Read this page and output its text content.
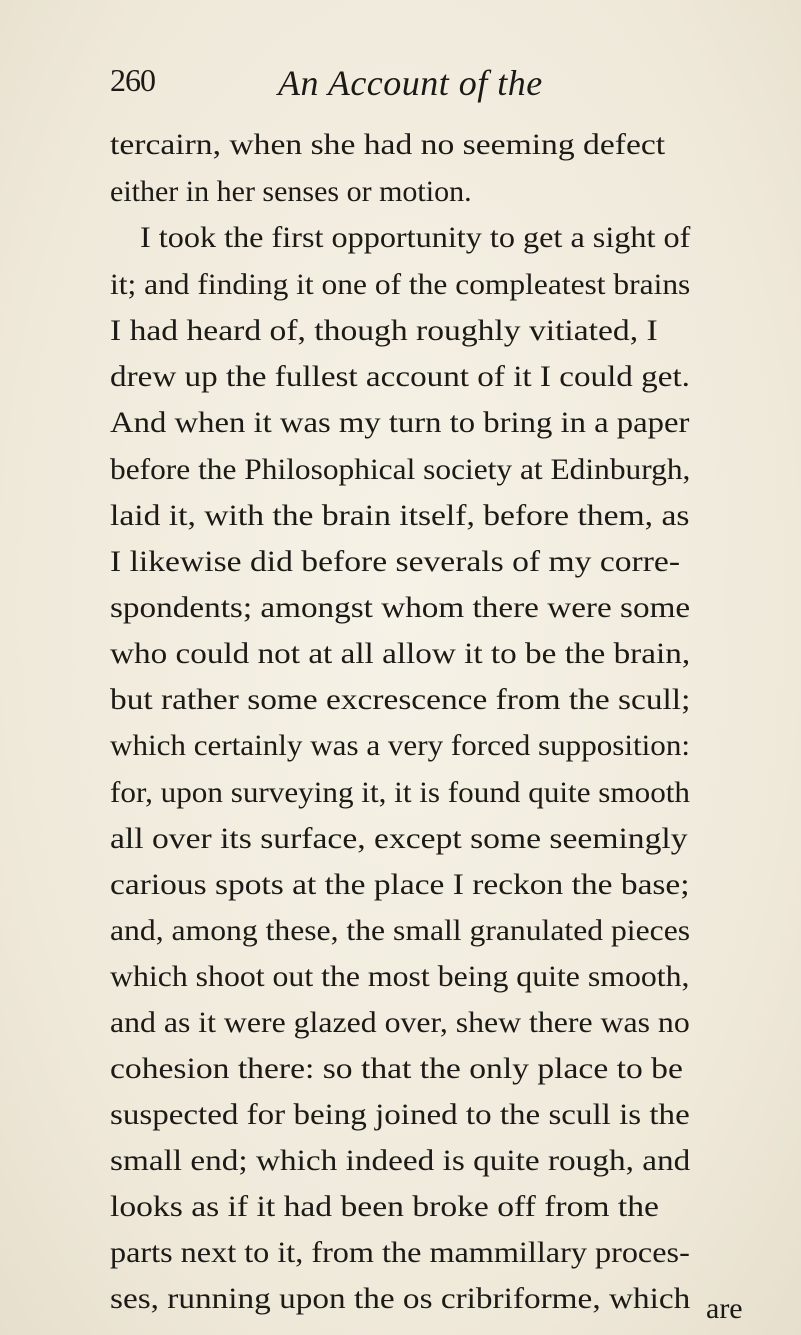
260	An Account of the
tercairn, when she had no seeming defect
either in her senses or motion.
I took the first opportunity to get a sight of
it; and finding it one of the compleatest brains
I had heard of, though roughly vitiated, I
drew up the fullest account of it I could get.
And when it was my turn to bring in a paper
before the Philosophical society at Edinburgh,
laid it, with the brain itself, before them, as
I likewise did before severals of my corre-
spondents; amongst whom there were some
who could not at all allow it to be the brain,
but rather some excrescence from the scull;
which certainly was a very forced supposition:
for, upon surveying it, it is found quite smooth
all over its surface, except some seemingly
carious spots at the place I reckon the base;
and, among these, the small granulated pieces
which shoot out the most being quite smooth,
and as it were glazed over, shew there was no
cohesion there: so that the only place to be
suspected for being joined to the scull is the
small end; which indeed is quite rough, and
looks as if it had been broke off from the
parts next to it, from the mammillary proces-
ses, running upon the os cribriforme, which are
